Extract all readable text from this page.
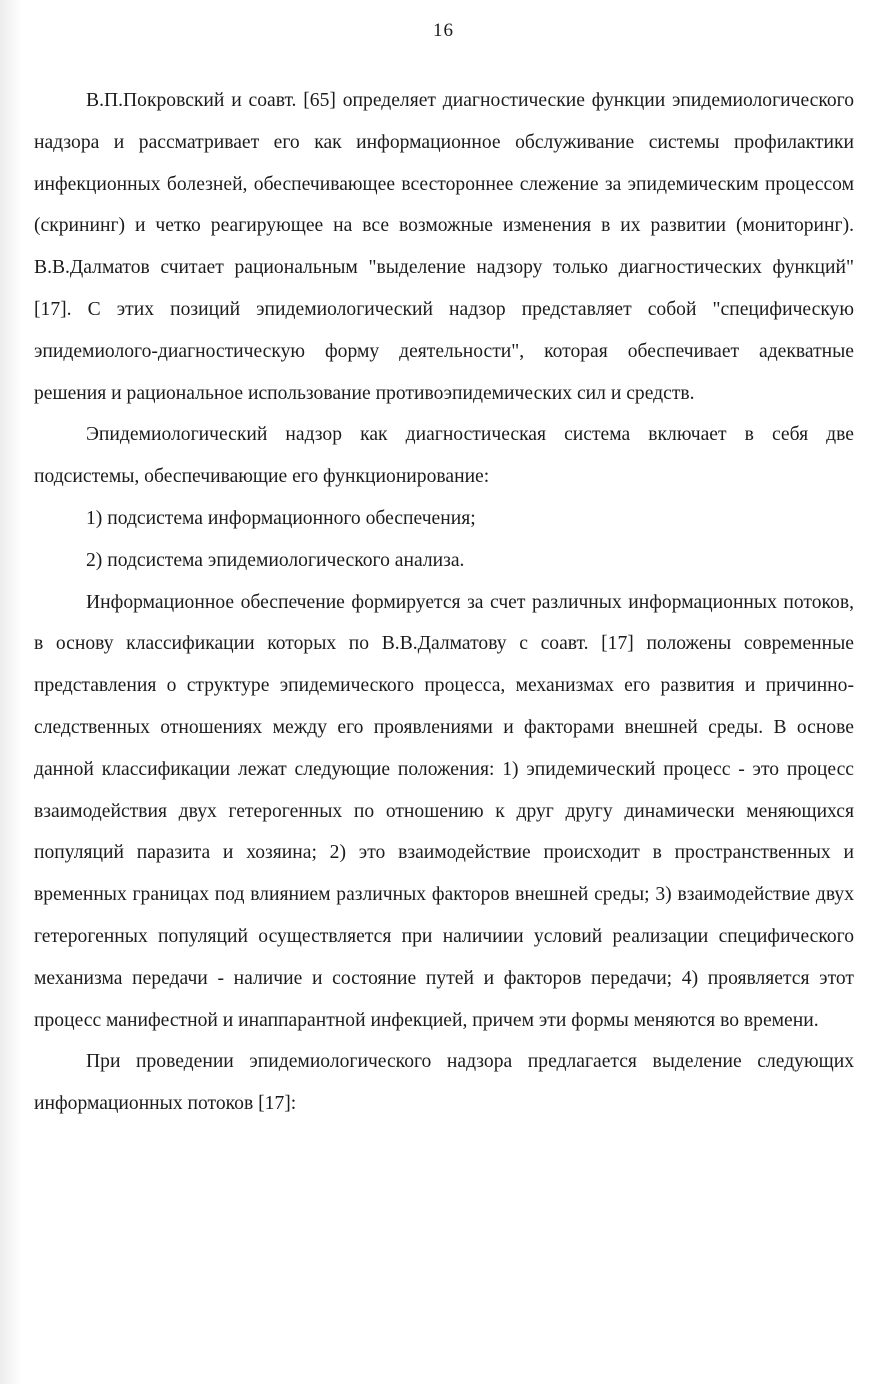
16

В.П.Покровский и соавт. [65] определяет диагностические функции эпидемиологического надзора и рассматривает его как информационное обслуживание системы профилактики инфекционных болезней, обеспечивающее всестороннее слежение за эпидемическим процессом (скрининг) и четко реагирующее на все возможные изменения в их развитии (мониторинг). В.В.Далматов считает рациональным "выделение надзору только диагностических функций" [17]. С этих позиций эпидемиологический надзор представляет собой "специфическую эпидемиолого-диагностическую форму деятельности", которая обеспечивает адекватные решения и рациональное использование противоэпидемических сил и средств.

Эпидемиологический надзор как диагностическая система включает в себя две подсистемы, обеспечивающие его функционирование:

1) подсистема информационного обеспечения;

2) подсистема эпидемиологического анализа.

Информационное обеспечение формируется за счет различных информационных потоков, в основу классификации которых по В.В.Далматову с соавт. [17] положены современные представления о структуре эпидемического процесса, механизмах его развития и причинно-следственных отношениях между его проявлениями и факторами внешней среды. В основе данной классификации лежат следующие положения: 1) эпидемический процесс - это процесс взаимодействия двух гетерогенных по отношению к друг другу динамически меняющихся популяций паразита и хозяина; 2) это взаимодействие происходит в пространственных и временных границах под влиянием различных факторов внешней среды; 3) взаимодействие двух гетерогенных популяций осуществляется при наличиии условий реализации специфического механизма передачи - наличие и состояние путей и факторов передачи; 4) проявляется этот процесс манифестной и инаппарантной инфекцией, причем эти формы меняются во времени.

При проведении эпидемиологического надзора предлагается выделение следующих информационных потоков [17]:
